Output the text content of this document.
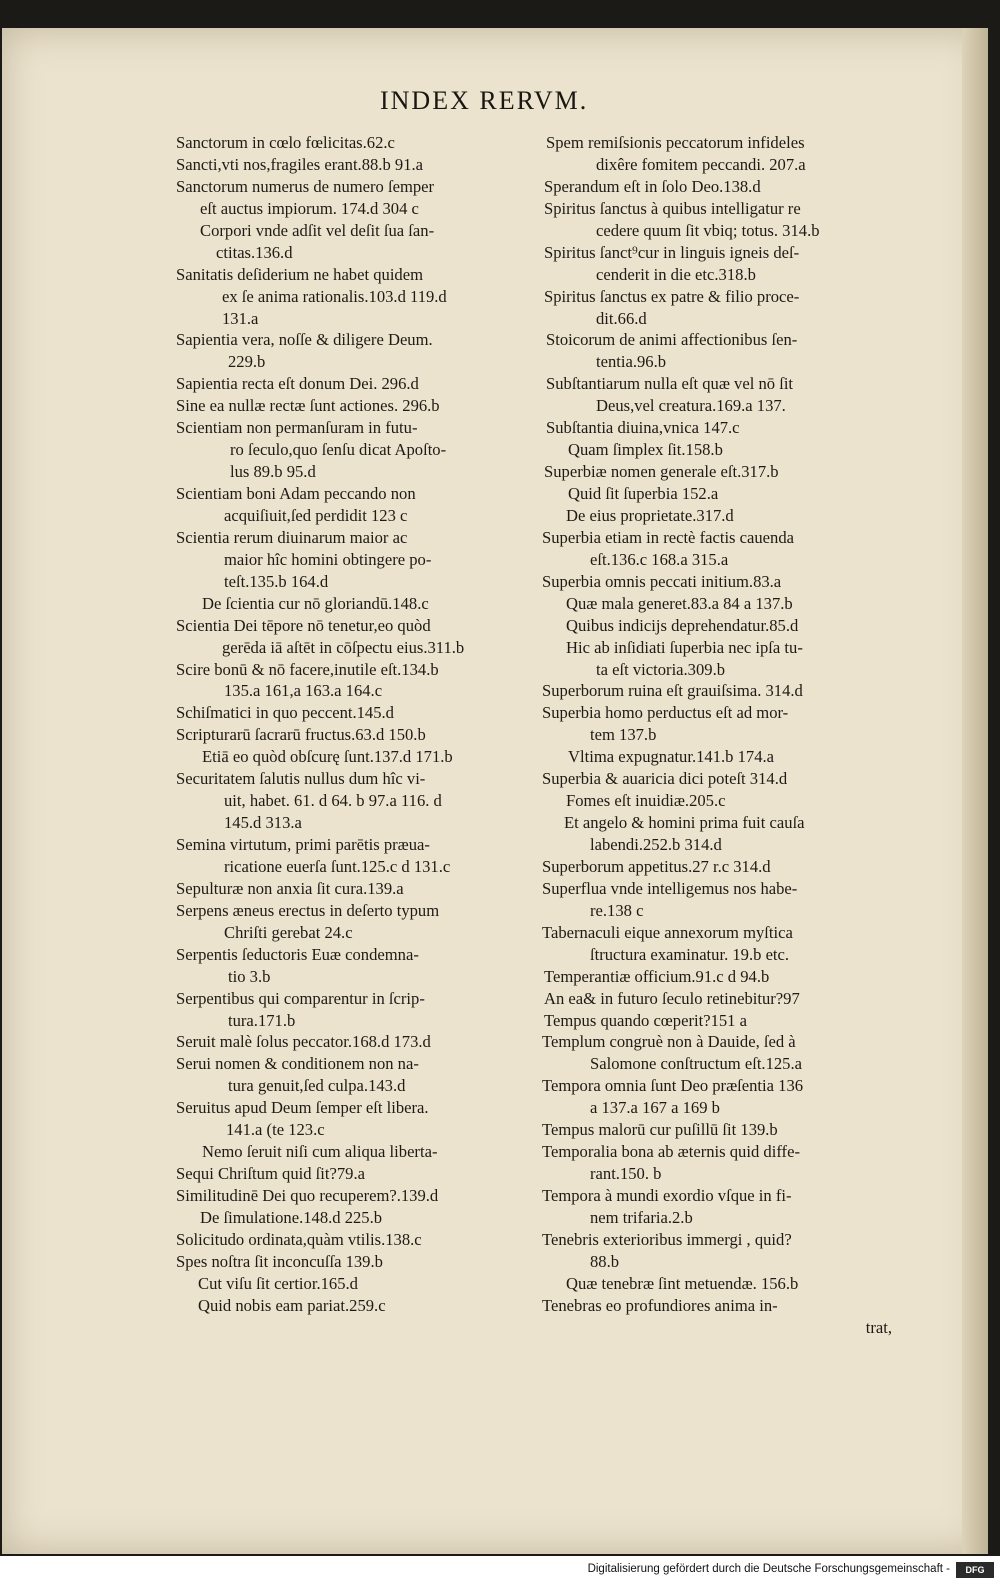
INDEX RERVM.
Sanctorum in cœlo fœlicitas.62.c
Sancti,vti nos,fragiles erant.88.b 91.a
Sanctorum numerus de numero ſemper
eſt auctus impiorum. 174.d 304 c
Corpori vnde adſit vel deſit ſua ſan-
ctitas.136.d
Sanitatis deſiderium ne habet quidem
ex ſe anima rationalis.103.d 119.d
131.a
Sapientia vera, noſſe & diligere Deum.
229.b
Sapientia recta eſt donum Dei. 296.d
Sine ea nullæ rectæ ſunt actiones. 296.b
Scientiam non permanſuram in futu-
ro ſeculo,quo ſenſu dicat Apoſto-
lus 89.b 95.d
Scientiam boni Adam peccando non
acquiſiuit,ſed perdidit 123 c
Scientia rerum diuinarum maior ac
maior hîc homini obtingere po-
teſt.135.b 164.d
De ſcientia cur nō gloriandū.148.c
Scientia Dei tēpore nō tenetur,eo quòd
gerēda iā aſtēt in cōſpectu eius.311.b
Scire bonū & nō facere,inutile eſt.134.b
135.a 161,a 163.a 164.c
Schiſmatici in quo peccent.145.d
Scripturarū ſacrarū fructus.63.d 150.b
Etiā eo quòd obſcurę ſunt.137.d 171.b
Securitatem ſalutis nullus dum hîc vi-
uit, habet. 61. d 64. b 97.a 116. d
145.d 313.a
Semina virtutum, primi parētis præua-
ricatione euerſa ſunt.125.c d 131.c
Sepulturæ non anxia ſit cura.139.a
Serpens æneus erectus in deſerto typum
Chriſti gerebat 24.c
Serpentis ſeductoris Euæ condemna-
tio 3.b
Serpentibus qui comparentur in ſcrip-
tura.171.b
Seruit malè ſolus peccator.168.d 173.d
Serui nomen & conditionem non na-
tura genuit,ſed culpa.143.d
Seruitus apud Deum ſemper eſt libera.
141.a (te 123.c
Nemo ſeruit niſi cum aliqua liberta-
Sequi Chriſtum quid ſit?79.a
Similitudinē Dei quo recuperem?.139.d
De ſimulatione.148.d 225.b
Solicitudo ordinata,quàm vtilis.138.c
Spes noſtra ſit inconcuſſa 139.b
Cut viſu ſit certior.165.d
Quid nobis eam pariat.259.c
Spem remiſsionis peccatorum infideles
dixêre fomitem peccandi. 207.a
Sperandum eſt in ſolo Deo.138.d
Spiritus ſanctus à quibus intelligatur re
cedere quum ſit vbiq; totus. 314.b
Spiritus ſanct⁹cur in linguis igneis deſ-
cenderit in die etc.318.b
Spiritus ſanctus ex patre & filio proce-
dit.66.d
Stoicorum de animi affectionibus ſen-
tentia.96.b
Subſtantiarum nulla eſt quæ vel nō ſit
Deus,vel creatura.169.a 137.
Subſtantia diuina,vnica 147.c
Quam ſimplex ſit.158.b
Superbiæ nomen generale eſt.317.b
Quid ſit ſuperbia 152.a
De eius proprietate.317.d
Superbia etiam in rectè factis cauenda
eſt.136.c 168.a 315.a
Superbia omnis peccati initium.83.a
Quæ mala generet.83.a 84 a 137.b
Quibus indicijs deprehendatur.85.d
Hic ab inſidiati ſuperbia nec ipſa tu-
ta eſt victoria.309.b
Superborum ruina eſt grauiſsima. 314.d
Superbia homo perductus eſt ad mor-
tem 137.b
Vltima expugnatur.141.b 174.a
Superbia & auaricia dici poteſt 314.d
Fomes eſt inuidiæ.205.c
Et angelo & homini prima fuit cauſa
labendi.252.b 314.d
Superborum appetitus.27 r.c 314.d
Superflua vnde intelligemus nos habe-
re.138 c
Tabernaculi eique annexorum myſtica
ſtructura examinatur. 19.b etc.
Temperantiæ officium.91.c d 94.b
An ea& in futuro ſeculo retinebitur?97
Tempus quando cœperit?151 a
Templum congruè non à Dauide, ſed à
Salomone conſtructum eſt.125.a
Tempora omnia ſunt Deo præſentia 136
a 137.a 167 a 169 b
Tempus malorū cur puſillū ſit 139.b
Temporalia bona ab æternis quid diffe-
rant.150. b
Tempora à mundi exordio vſque in fi-
nem trifaria.2.b
Tenebris exterioribus immergi , quid?
88.b
Quæ tenebræ ſint metuendæ. 156.b
Tenebras eo profundiores anima in-
trat,
Digitalisierung gefördert durch die Deutsche Forschungsgemeinschaft -	DFG
